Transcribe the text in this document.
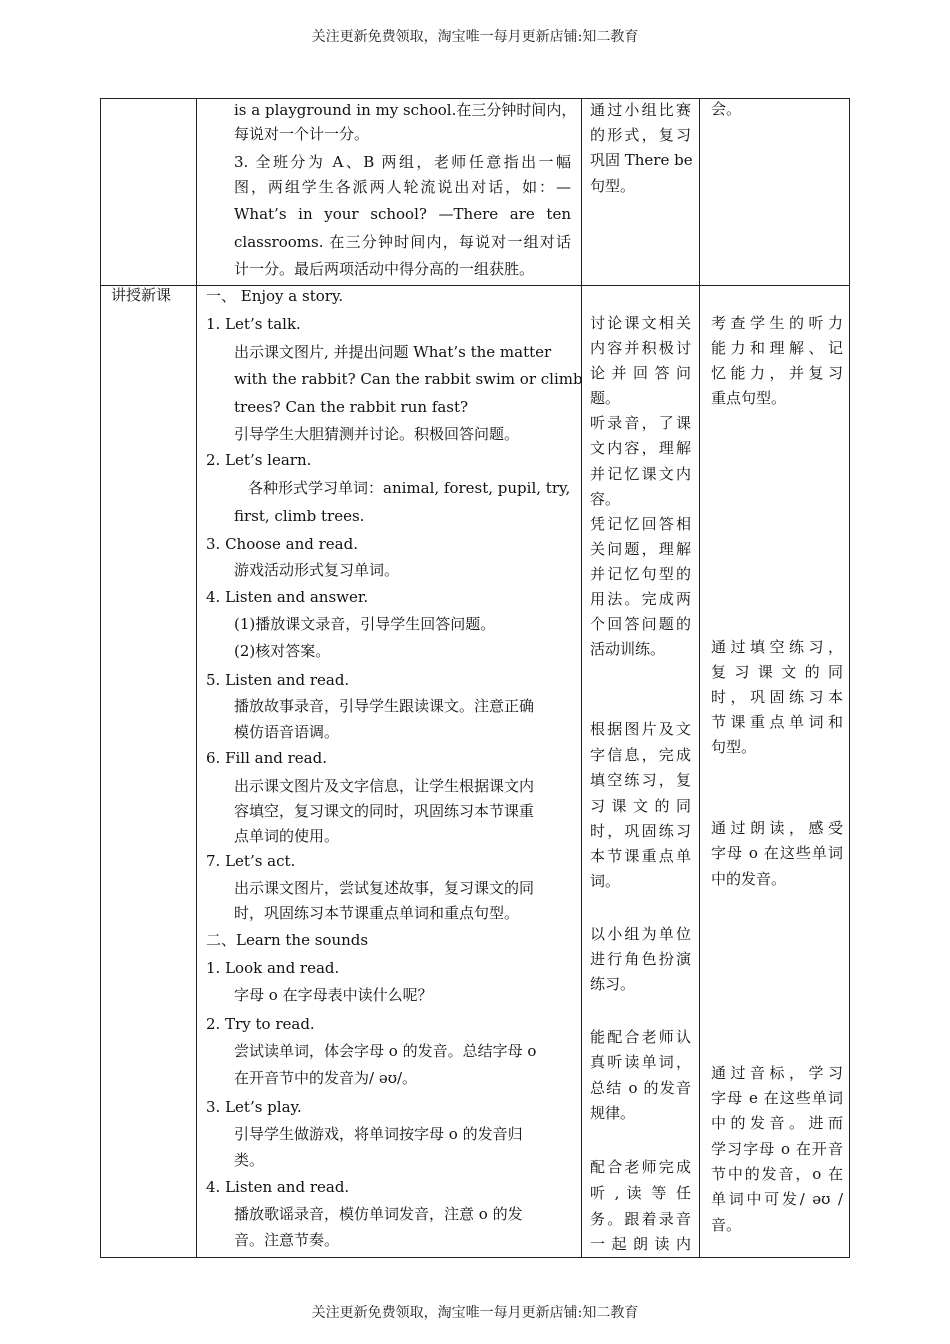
关注更新免费领取，淘宝唯一每月更新店铺:知二教育
is a playground in my school.在三分钟时间内，
每说对一个计一分。
3. 全班分为 A、B 两组，老师任意指出一幅
图，两组学生各派两人轮流说出对话，如：—
What’s in your school? —There are ten
classrooms. 在三分钟时间内，每说对一组对话
计一分。最后两项活动中得分高的一组获胜。
通过小组比赛
的形式，复习
巩固 There be
句型。
会。
讲授新课 一、 Enjoy a story.
1. Let’s talk.
出示课文图片, 并提出问题 What’s the matter
with the rabbit? Can the rabbit swim or climb
trees? Can the rabbit run fast?
引导学生大胆猜测并讨论。积极回答问题。
2. Let’s learn.
各种形式学习单词：animal, forest, pupil, try,
first, climb trees.
3. Choose and read.
游戏活动形式复习单词。
4. Listen and answer.
(1)播放课文录音，引导学生回答问题。
(2)核对答案。
5. Listen and read.
播放故事录音，引导学生跟读课文。注意正确
模仿语音语调。
6. Fill and read.
出示课文图片及文字信息，让学生根据课文内
容填空，复习课文的同时，巩固练习本节课重
点单词的使用。
7. Let’s act.
出示课文图片，尝试复述故事，复习课文的同
时，巩固练习本节课重点单词和重点句型。
二、Learn the sounds
1. Look and read.
字母 o 在字母表中读什么呢？
2. Try to read.
尝试读单词，体会字母 o 的发音。总结字母 o
在开音节中的发音为/ əʊ/。
3. Let’s play.
引导学生做游戏，将单词按字母 o 的发音归
类。
4. Listen and read.
播放歌谣录音，模仿单词发音，注意 o 的发
音。注意节奏。
讨论课文相关
内容并积极讨
论 并 回 答 问
题。
听录音，了课
文内容，理解
并记忆课文内
容。
凭记忆回答相
关问题，理解
并记忆句型的
用法。完成两
个回答问题的
活动训练。
根据图片及文
字信息，完成
填空练习，复
习 课 文 的 同
时，巩固练习
本节课重点单
词。
以小组为单位
进行角色扮演
练习。
能配合老师认
真听读单词，
总结 o 的发音
规律。
配合老师完成
听 , 读 等 任
务。跟着录音
一 起 朗 读 内
考查学生的听力
能力和理解、记
忆能力，并复习
重点句型。
通过填空练习，
复 习 课 文 的 同
时，巩固练习本
节课重点单词和
句型。
通过朗读，感受
字母 o 在这些单词
中的发音。
通过音标，学习
字母 e 在这些单词
中的发音。进而
学习字母 o 在开音
节中的发音，o 在
单词中可发/ əʊ /
音。
关注更新免费领取，淘宝唯一每月更新店铺:知二教育
